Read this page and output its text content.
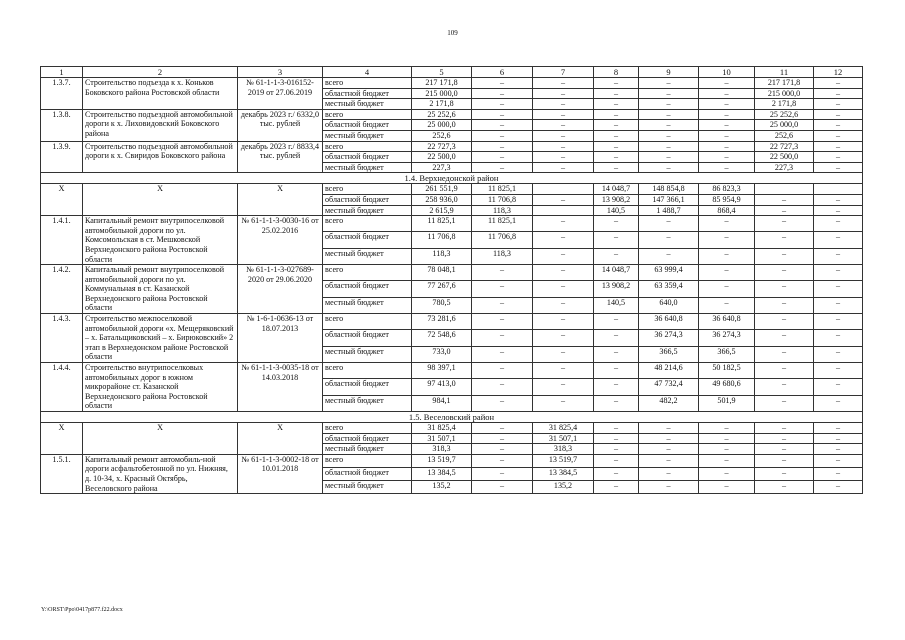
109
1	2	3	4	5	6	7	8	9	10	11	12
1.3.7.	Строительство подъезда к х. Коньков Боковского района Ростовской области	№ 61-1-1-3-016152-2019 от 27.06.2019	всего	217 171,8	–	–	–	–	–	217 171,8	–
			областной бюджет	215 000,0	–	–	–	–	–	215 000,0	–
			местный бюджет	2 171,8	–	–	–	–	–	2 171,8	–
1.3.8.	Строительство подъездной автомобильной дороги к х. Лиховидовский Боковского района	декабрь 2023 г./ 6332,0 тыс. рублей	всего	25 252,6	–	–	–	–	–	25 252,6	–
			областной бюджет	25 000,0	–	–	–	–	–	25 000,0	–
			местный бюджет	252,6	–	–	–	–	–	252,6	–
1.3.9.	Строительство подъездной автомобильной дороги к х. Свиридов Боковского района	декабрь 2023 г./ 8833,4 тыс. рублей	всего	22 727,3	–	–	–	–	–	22 727,3	–
			областной бюджет	22 500,0	–	–	–	–	–	22 500,0	–
			местный бюджет	227,3	–	–	–	–	–	227,3	–
1.4. Верхнедонской район											
Х	Х	Х	всего	261 551,9	11 825,1		14 048,7	148 854,8	86 823,3		
			областной бюджет	258 936,0	11 706,8	–	13 908,2	147 366,1	85 954,9	–	–
			местный бюджет	2 615,9	118,3		140,5	1 488,7	868,4	–	–
1.4.1.	Капитальный ремонт внутрипоселковой автомобильной дороги по ул. Комсомольская в ст. Мешковской Верхнедонского района Ростовской области	№ 61-1-1-3-0030-16 от 25.02.2016	всего	11 825,1	11 825,1	–	–	–	–	–	–
			областной бюджет	11 706,8	11 706,8	–	–	–	–	–	–
			местный бюджет	118,3	118,3	–	–	–	–	–	–
1.4.2.	Капитальный ремонт внутрипоселковой автомобильной дороги по ул. Коммунальная в ст. Казанской Верхнедонского района Ростовской области	№ 61-1-1-3-027689-2020 от 29.06.2020	всего	78 048,1	–	–	14 048,7	63 999,4	–	–	–
			областной бюджет	77 267,6	–	–	13 908,2	63 359,4	–	–	–
			местный бюджет	780,5	–	–	140,5	640,0	–	–	–
1.4.3.	Строительство межпоселковой автомобильной дороги «х. Мещеряковский – х. Батальщиковский – х. Бирюковский» 2 этап в Верхнедонском районе Ростовской области	№ 1-6-1-0636-13 от 18.07.2013	всего	73 281,6	–	–	–	36 640,8	36 640,8	–	–
			областной бюджет	72 548,6	–	–	–	36 274,3	36 274,3	–	–
			местный бюджет	733,0	–	–	–	366,5	366,5	–	–
1.4.4.	Строительство внутрипоселковых автомобильных дорог в южном микрорайоне ст. Казанской Верхнедонского района Ростовской области	№ 61-1-1-3-0035-18 от 14.03.2018	всего	98 397,1	–	–	–	48 214,6	50 182,5	–	–
			областной бюджет	97 413,0	–	–	–	47 732,4	49 680,6	–	–
			местный бюджет	984,1	–	–	–	482,2	501,9	–	–
1.5. Веселовский район											
Х	Х	Х	всего	31 825,4	–	31 825,4	–	–	–	–	–
			областной бюджет	31 507,1	–	31 507,1	–	–	–	–	–
			местный бюджет	318,3	–	318,3	–	–	–	–	–
1.5.1.	Капитальный ремонт автомобиль-ной дороги асфальтобетонной по ул. Нижняя, д. 10-34, х. Красный Октябрь, Веселовского района	№ 61-1-1-3-0002-18 от 10.01.2018	всего	13 519,7	–	13 519,7	–	–	–	–	–
			областной бюджет	13 384,5	–	13 384,5	–	–	–	–	–
			местный бюджет	135,2	–	135,2	–	–	–	–	–
Y:\ORST\Ppo\0417p877.f22.docx
